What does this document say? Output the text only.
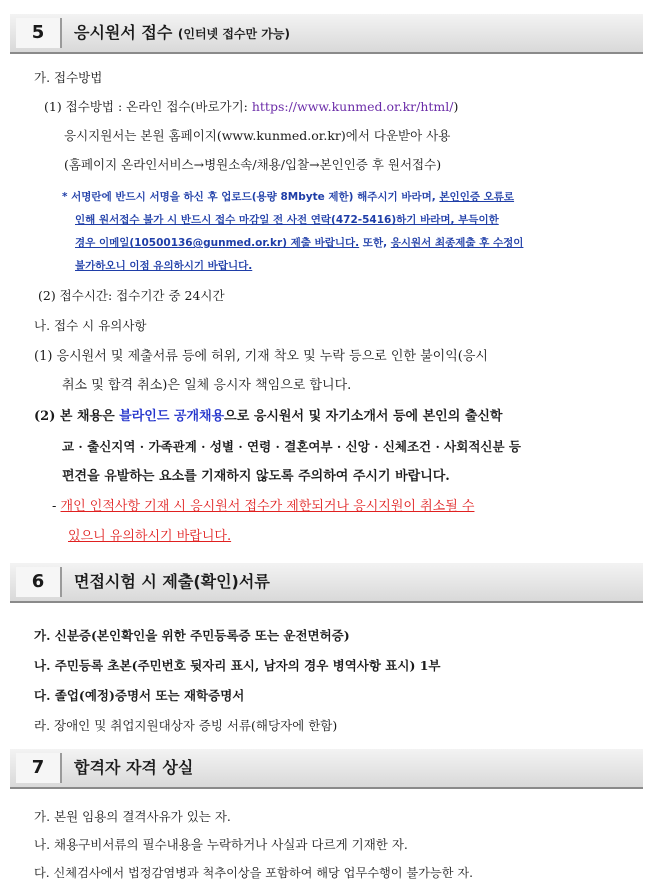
5	응시원서 접수 (인터넷 접수만 가능)
가. 접수방법
(1) 접수방법 : 온라인 접수(바로가기: https://www.kunmed.or.kr/html/)
응시지원서는 본원 홈페이지(www.kunmed.or.kr)에서 다운받아 사용
(홈페이지 온라인서비스→병원소속/채용/입찰→본인인증 후 원서접수)
* 서명란에 반드시 서명을 하신 후 업로드(용량 8Mbyte 제한) 해주시기 바라며, 본인인증 오류로
인해 원서접수 불가 시 반드시 접수 마감일 전 사전 연락(472-5416)하기 바라며, 부득이한
경우 이메일(10500136@gunmed.or.kr) 제출 바랍니다. 또한, 응시원서 최종제출 후 수정이
불가하오니 이점 유의하시기 바랍니다.
(2) 접수시간: 접수기간 중 24시간
나. 접수 시 유의사항
(1) 응시원서 및 제출서류 등에 허위, 기재 착오 및 누락 등으로 인한 불이익(응시
취소 및 합격 취소)은 일체 응시자 책임으로 합니다.
(2) 본 채용은 블라인드 공개채용으로 응시원서 및 자기소개서 등에 본인의 출신학
교 · 출신지역 · 가족관계 · 성별 · 연령 · 결혼여부 · 신앙 · 신체조건 · 사회적신분 등
편견을 유발하는 요소를 기재하지 않도록 주의하여 주시기 바랍니다.
- 개인 인적사항 기재 시 응시원서 접수가 제한되거나 응시지원이 취소될 수
있으니 유의하시기 바랍니다.
6	면접시험 시 제출(확인)서류
가. 신분증(본인확인을 위한 주민등록증 또는 운전면허증)
나. 주민등록 초본(주민번호 뒷자리 표시, 남자의 경우 병역사항 표시) 1부
다. 졸업(예정)증명서 또는 재학증명서
라. 장애인 및 취업지원대상자 증빙 서류(해당자에 한함)
7	합격자 자격 상실
가. 본원 임용의 결격사유가 있는 자.
나. 채용구비서류의 필수내용을 누락하거나 사실과 다르게 기재한 자.
다. 신체검사에서 법정감염병과 척추이상을 포함하여 해당 업무수행이 불가능한 자.
